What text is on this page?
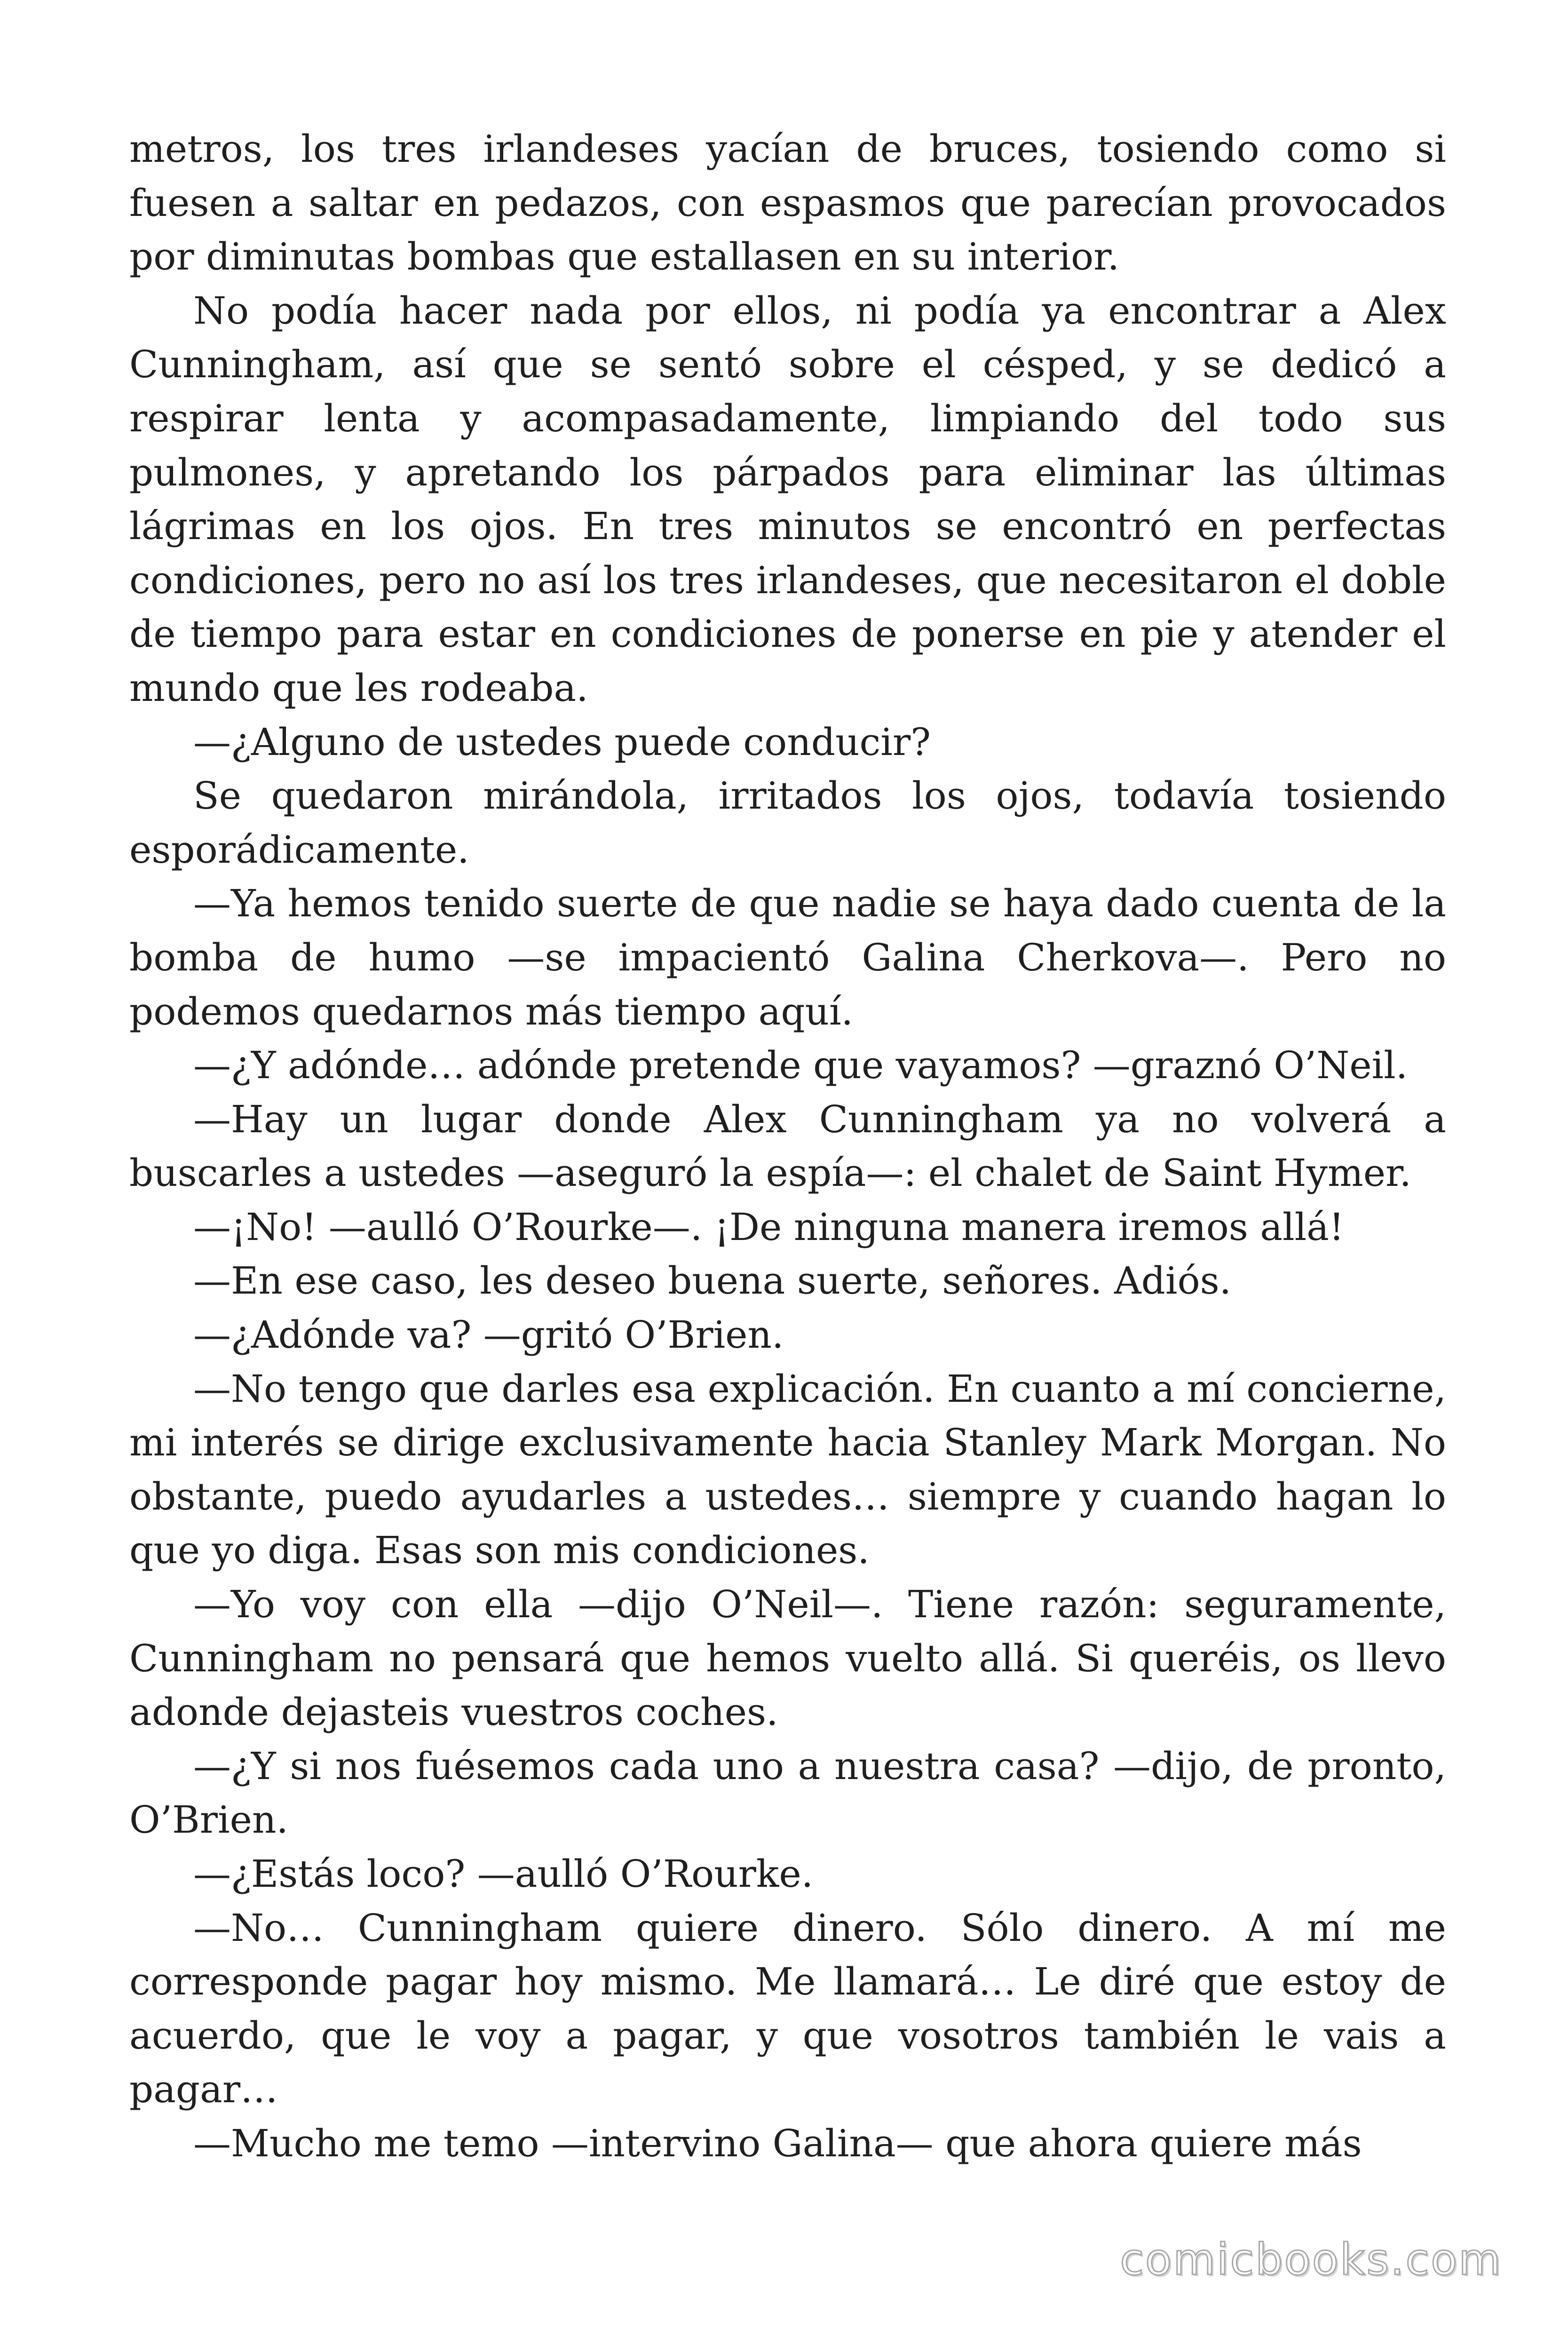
metros, los tres irlandeses yacían de bruces, tosiendo como si fuesen a saltar en pedazos, con espasmos que parecían provocados por diminutas bombas que estallasen en su interior.

No podía hacer nada por ellos, ni podía ya encontrar a Alex Cunningham, así que se sentó sobre el césped, y se dedicó a respirar lenta y acompasadamente, limpiando del todo sus pulmones, y apretando los párpados para eliminar las últimas lágrimas en los ojos. En tres minutos se encontró en perfectas condiciones, pero no así los tres irlandeses, que necesitaron el doble de tiempo para estar en condiciones de ponerse en pie y atender el mundo que les rodeaba.

—¿Alguno de ustedes puede conducir?

Se quedaron mirándola, irritados los ojos, todavía tosiendo esporádicamente.

—Ya hemos tenido suerte de que nadie se haya dado cuenta de la bomba de humo —se impacientó Galina Cherkova—. Pero no podemos quedarnos más tiempo aquí.

—¿Y adónde… adónde pretende que vayamos? —graznó O’Neil.

—Hay un lugar donde Alex Cunningham ya no volverá a buscarles a ustedes —aseguró la espía—: el chalet de Saint Hymer.

—¡No! —aulló O’Rourke—. ¡De ninguna manera iremos allá!

—En ese caso, les deseo buena suerte, señores. Adiós.

—¿Adónde va? —gritó O’Brien.

—No tengo que darles esa explicación. En cuanto a mí concierne, mi interés se dirige exclusivamente hacia Stanley Mark Morgan. No obstante, puedo ayudarles a ustedes… siempre y cuando hagan lo que yo diga. Esas son mis condiciones.

—Yo voy con ella —dijo O’Neil—. Tiene razón: seguramente, Cunningham no pensará que hemos vuelto allá. Si queréis, os llevo adonde dejasteis vuestros coches.

—¿Y si nos fuésemos cada uno a nuestra casa? —dijo, de pronto, O’Brien.

—¿Estás loco? —aulló O’Rourke.

—No… Cunningham quiere dinero. Sólo dinero. A mí me corresponde pagar hoy mismo. Me llamará… Le diré que estoy de acuerdo, que le voy a pagar, y que vosotros también le vais a pagar…

—Mucho me temo —intervino Galina— que ahora quiere más

comicbooks.com
